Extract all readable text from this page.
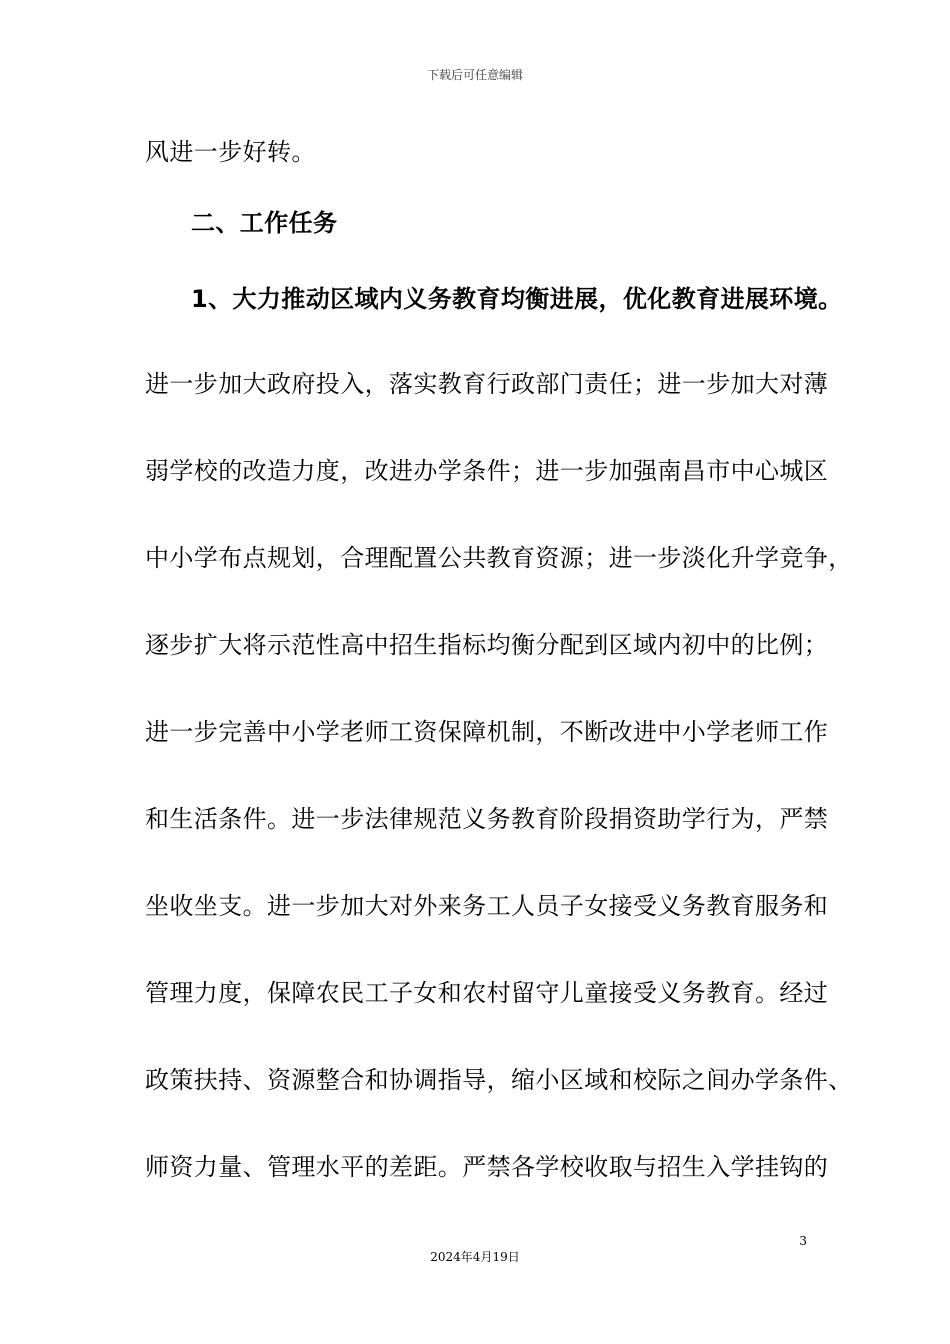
下载后可任意编辑
风进一步好转。
二、工作任务
1、大力推动区域内义务教育均衡进展，优化教育进展环境。
进一步加大政府投入，落实教育行政部门责任；进一步加大对薄
弱学校的改造力度，改进办学条件；进一步加强南昌市中心城区
中小学布点规划，合理配置公共教育资源；进一步淡化升学竞争，
逐步扩大将示范性高中招生指标均衡分配到区域内初中的比例；
进一步完善中小学老师工资保障机制，不断改进中小学老师工作
和生活条件。进一步法律规范义务教育阶段捐资助学行为，严禁
坐收坐支。进一步加大对外来务工人员子女接受义务教育服务和
管理力度，保障农民工子女和农村留守儿童接受义务教育。经过
政策扶持、资源整合和协调指导，缩小区域和校际之间办学条件、
师资力量、管理水平的差距。严禁各学校收取与招生入学挂钩的
3
2024年4月19日
